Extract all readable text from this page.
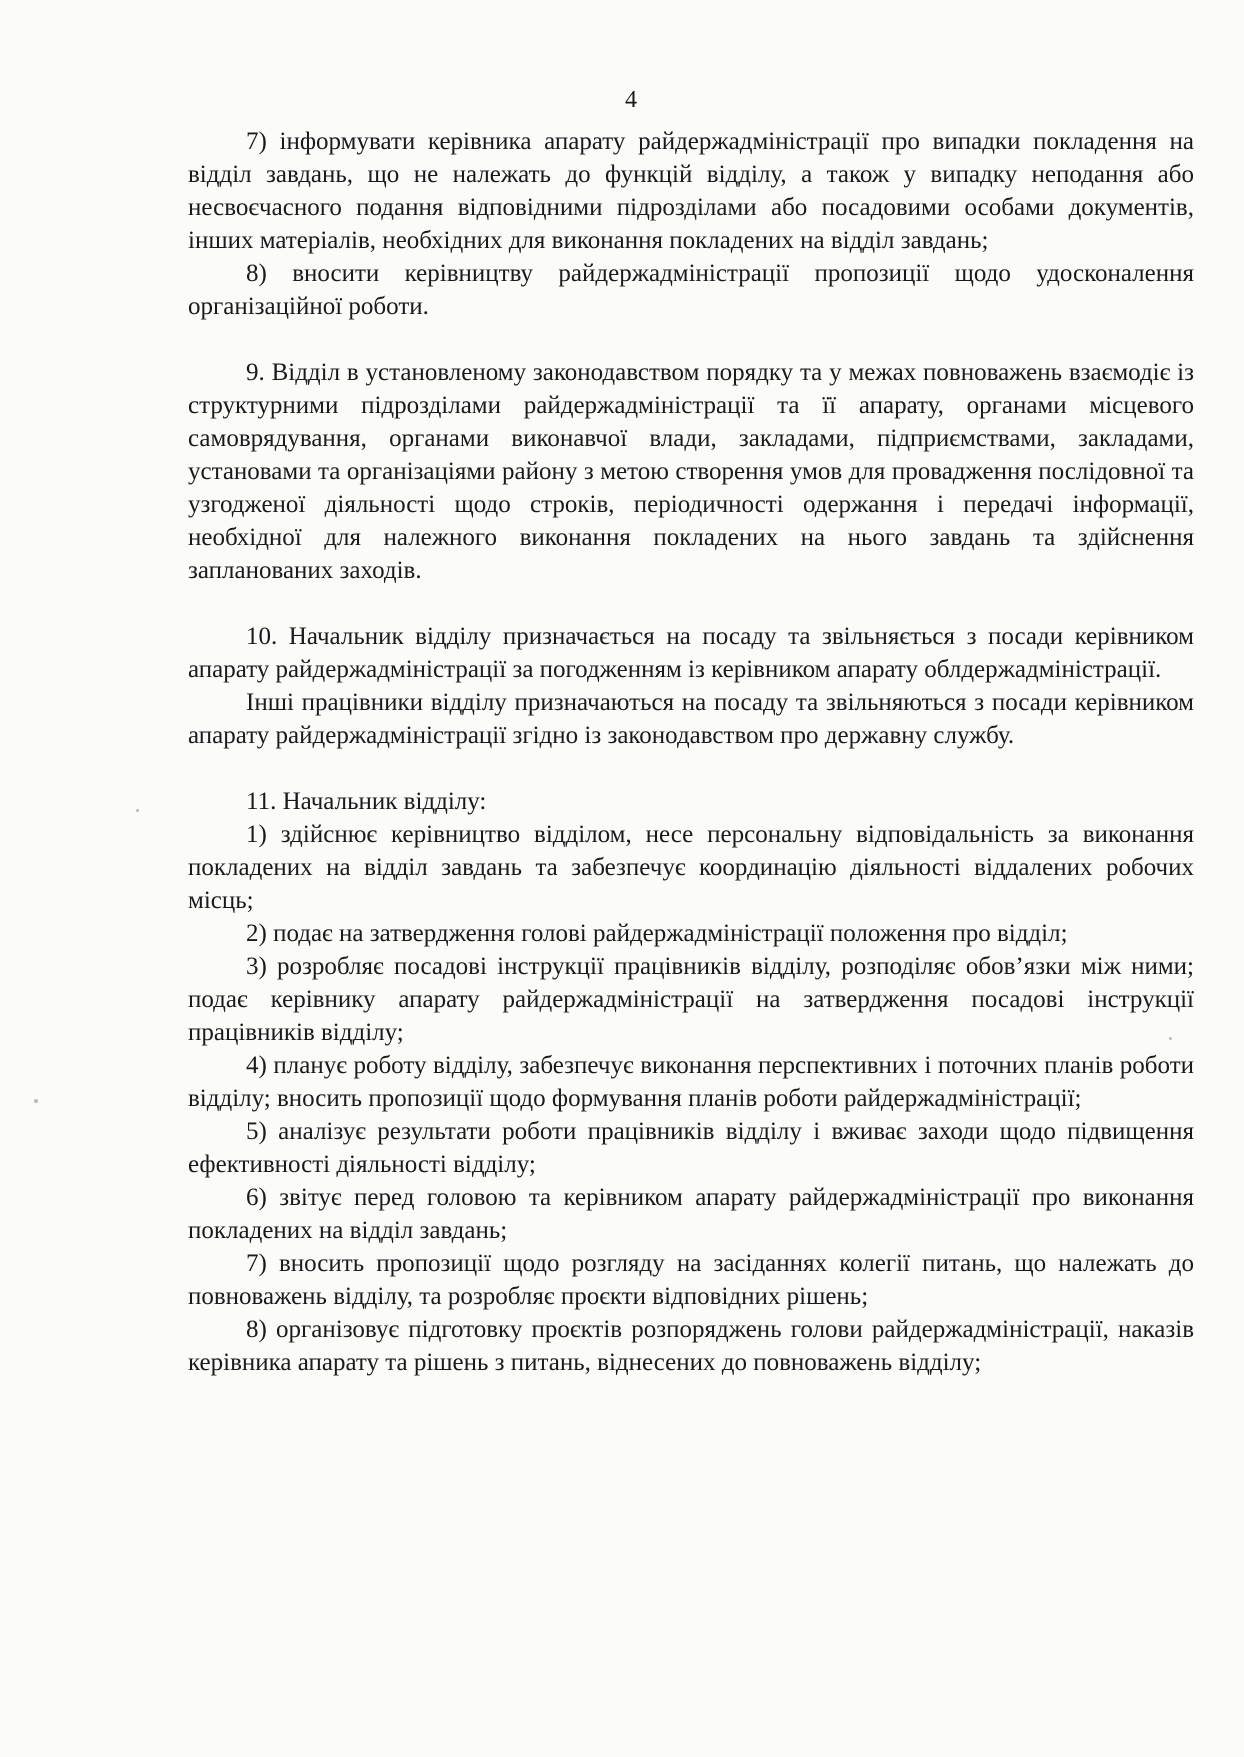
4

7) інформувати керівника апарату райдержадміністрації про випадки покладення на відділ завдань, що не належать до функцій відділу, а також у випадку неподання або несвоєчасного подання відповідними підрозділами або посадовими особами документів, інших матеріалів, необхідних для виконання покладених на відділ завдань;

8) вносити керівництву райдержадміністрації пропозиції щодо удосконалення організаційної роботи.

9. Відділ в установленому законодавством порядку та у межах повноважень взаємодіє із структурними підрозділами райдержадміністрації та її апарату, органами місцевого самоврядування, органами виконавчої влади, закладами, підприємствами, закладами, установами та організаціями району з метою створення умов для провадження послідовної та узгодженої діяльності щодо строків, періодичності одержання і передачі інформації, необхідної для належного виконання покладених на нього завдань та здійснення запланованих заходів.

10. Начальник відділу призначається на посаду та звільняється з посади керівником апарату райдержадміністрації за погодженням із керівником апарату облдержадміністрації.

Інші працівники відділу призначаються на посаду та звільняються з посади керівником апарату райдержадміністрації згідно із законодавством про державну службу.

11. Начальник відділу:

1) здійснює керівництво відділом, несе персональну відповідальність за виконання покладених на відділ завдань та забезпечує координацію діяльності віддалених робочих місць;

2) подає на затвердження голові райдержадміністрації положення про відділ;

3) розробляє посадові інструкції працівників відділу, розподіляє обов’язки між ними; подає керівнику апарату райдержадміністрації на затвердження посадові інструкції працівників відділу;

4) планує роботу відділу, забезпечує виконання перспективних і поточних планів роботи відділу; вносить пропозиції щодо формування планів роботи райдержадміністрації;

5) аналізує результати роботи працівників відділу і вживає заходи щодо підвищення ефективності діяльності відділу;

6) звітує перед головою та керівником апарату райдержадміністрації про виконання покладених на відділ завдань;

7) вносить пропозиції щодо розгляду на засіданнях колегії питань, що належать до повноважень відділу, та розробляє проєкти відповідних рішень;

8) організовує підготовку проєктів розпоряджень голови райдержадміністрації, наказів керівника апарату та рішень з питань, віднесених до повноважень відділу;
